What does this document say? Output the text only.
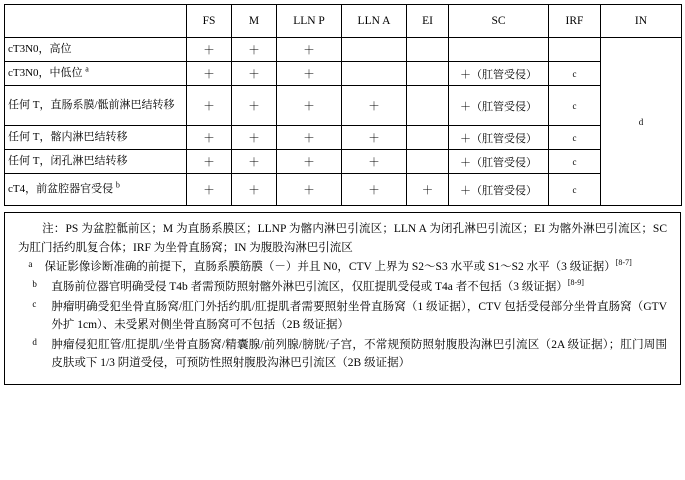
	FS	M	LLN P	LLN A	EI	SC	IRF	IN
cT3N0，高位	＋	＋	＋					d
cT3N0，中低位 $^a$	＋	＋	＋			＋（肛管受侵）	c	
任何 T，直肠系膜/骶前淋巴结转移	＋	＋	＋	＋		＋（肛管受侵）	c	
任何 T，髂内淋巴结转移	＋	＋	＋	＋		＋（肛管受侵）	c	
任何 T，闭孔淋巴结转移	＋	＋	＋	＋		＋（肛管受侵）	c	
cT4，前盆腔器官受侵 $^b$	＋	＋	＋	＋	＋	＋（肛管受侵）	c	

注：PS 为盆腔骶前区；M 为直肠系膜区；LLNP 为髂内淋巴引流区；LLN A 为闭孔淋巴引流区；EI 为髂外淋巴引流区；SC 为肛门括约肌复合体；IRF 为坐骨直肠窝；IN 为腹股沟淋巴引流区

a 保证影像诊断准确的前提下，直肠系膜筋膜（－）并且 N0，CTV 上界为 S2～S3 水平或 S1～S2 水平（3 级证据）[8-7]

b 直肠前位器官明确受侵 T4b 者需预防照射髂外淋巴引流区，仅肛提肌受侵或 T4a 者不包括（3 级证据）[8-9]

c 肿瘤明确受犯坐骨直肠窝/肛门外括约肌/肛提肌者需要照射坐骨直肠窝（1 级证据），CTV 包括受侵部分坐骨直肠窝（GTV 外扩 1cm）、未受累对侧坐骨直肠窝可不包括（2B 级证据）

d 肿瘤侵犯肛管/肛提肌/坐骨直肠窝/精囊腺/前列腺/膀胱/子宫，不常规预防照射腹股沟淋巴引流区（2A 级证据）；肛门周围皮肤或下 1/3 阴道受侵，可预防性照射腹股沟淋巴引流区（2B 级证据）
